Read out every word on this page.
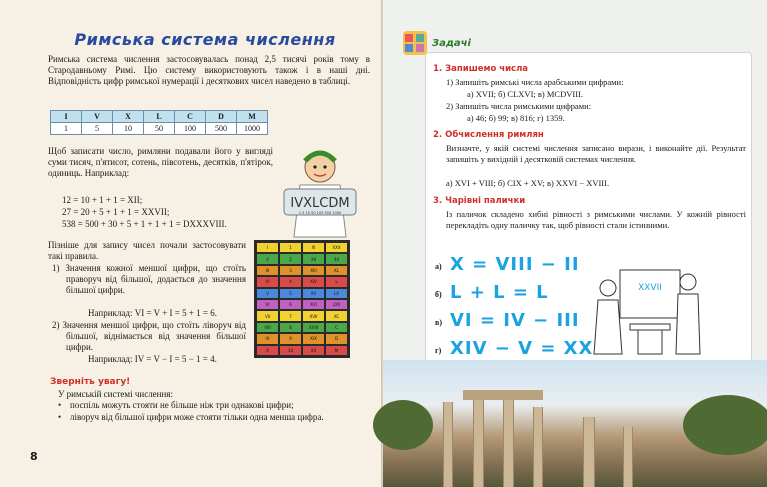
Римська система числення
Римська система числення застосовувалась понад 2,5 тисячі років тому в Стародавньому Римі. Цю систему використовують також і в наші дні. Відповідність цифр римської нумерації і десяткових чисел наведено в таблиці.
I	V	X	L	C	D	M
1	5	10	50	100	500	1000
Щоб записати число, римляни подавали його у вигляді суми тисяч, п'ятисот, сотень, півсотень, десятків, п'ятірок, одиниць. Наприклад:
12 = 10 + 1 + 1 = XII;
27 = 20 + 5 + 1 + 1 = XXVII;
538 = 500 + 30 + 5 + 1 + 1 + 1 = DXXXVIII.
IVXLCDM
1 5 10 50 100 500 1000
Пізніше для запису чисел почали застосовувати такі правила.
1) Значення кожної меншої цифри, що стоїть праворуч від більшої, додається до значення більшої цифри.
Наприклад: VI = V + I = 5 + 1 = 6.
2) Значення меншої цифри, що стоїть ліворуч від більшої, віднімається від значення більшої цифри.
Наприклад: IV = V − I = 5 − 1 = 4.
I	1	XI	XXX
II	2	XII	40
III	3	XIII	XL
IV	4	XIV	L
V	5	XV	LX
VI	6	XVI	LXX
VII	7	XVII	XC
VIII	8	XVIII	C
IX	9	XIX	D
X	10	XX	M
Зверніть увагу!
У римській системі числення:
• поспіль можуть стояти не більше ніж три однакові цифри;
• ліворуч від більшої цифри може стояти тільки одна менша цифра.
8
Задачі
1. Запишемо числа
1) Запишіть римські числа арабськими цифрами:
а) XVII; б) CLXVI; в) MCDVIII.
2) Запишіть числа римськими цифрами:
а) 46; б) 99; в) 816; г) 1359.
2. Обчислення римлян
Визначте, у якій системі числення записано вирази, і виконайте дії. Результат запишіть у вихідній і десятковій системах числення.
а) XVI + VIII; б) CIX + XV; в) XXVI − XVIII.
3. Чарівні палички
Із паличок складено хибні рівності з римськими числами. У кожній рівності перекладіть одну паличку так, щоб рівності стали істинними.
а) X = VIII − II
б) L + L = L
в) VI = IV − III
г) XIV − V = XX
XXVII
